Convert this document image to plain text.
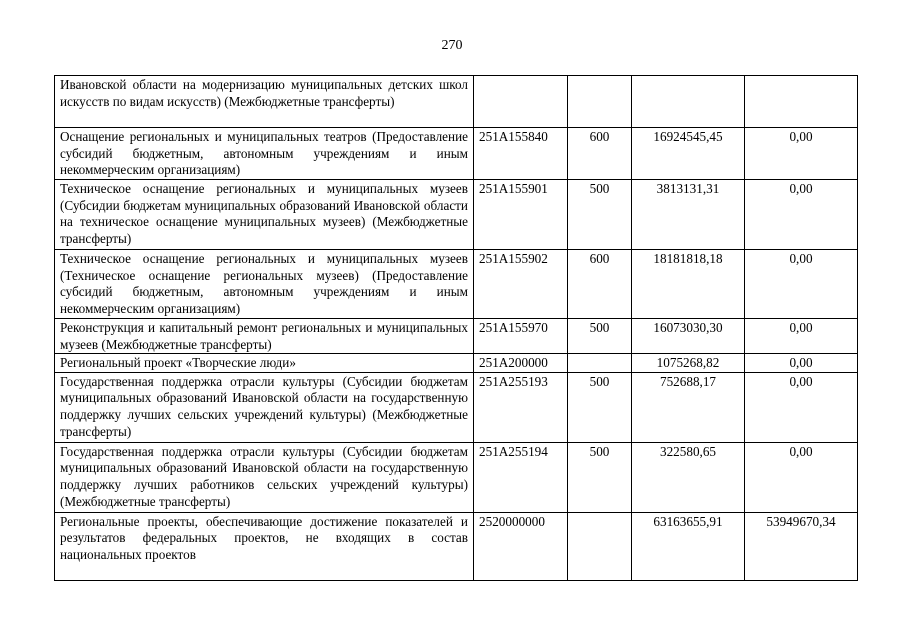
270
Ивановской области на модернизацию муниципальных детских школ искусств по видам искусств) (Межбюджетные трансферты)				
Оснащение региональных и муниципальных театров (Предоставление субсидий бюджетным, автономным учреждениям и иным некоммерческим организациям)	251А155840	600	16924545,45	0,00
Техническое оснащение региональных и муниципальных музеев (Субсидии бюджетам муниципальных образований Ивановской области на техническое оснащение муниципальных музеев) (Межбюджетные трансферты)	251А155901	500	3813131,31	0,00
Техническое оснащение региональных и муниципальных музеев (Техническое оснащение региональных музеев) (Предоставление субсидий бюджетным, автономным учреждениям и иным некоммерческим организациям)	251А155902	600	18181818,18	0,00
Реконструкция и капитальный ремонт региональных и муниципальных музеев (Межбюджетные трансферты)	251А155970	500	16073030,30	0,00
Региональный проект «Творческие люди»	251А200000		1075268,82	0,00
Государственная поддержка отрасли культуры (Субсидии бюджетам муниципальных образований Ивановской области на государственную поддержку лучших сельских учреждений культуры) (Межбюджетные трансферты)	251А255193	500	752688,17	0,00
Государственная поддержка отрасли культуры (Субсидии бюджетам муниципальных образований Ивановской области на государственную поддержку лучших работников сельских учреждений культуры) (Межбюджетные трансферты)	251А255194	500	322580,65	0,00
Региональные проекты, обеспечивающие достижение показателей и результатов федеральных проектов, не входящих в состав национальных проектов	2520000000		63163655,91	53949670,34
